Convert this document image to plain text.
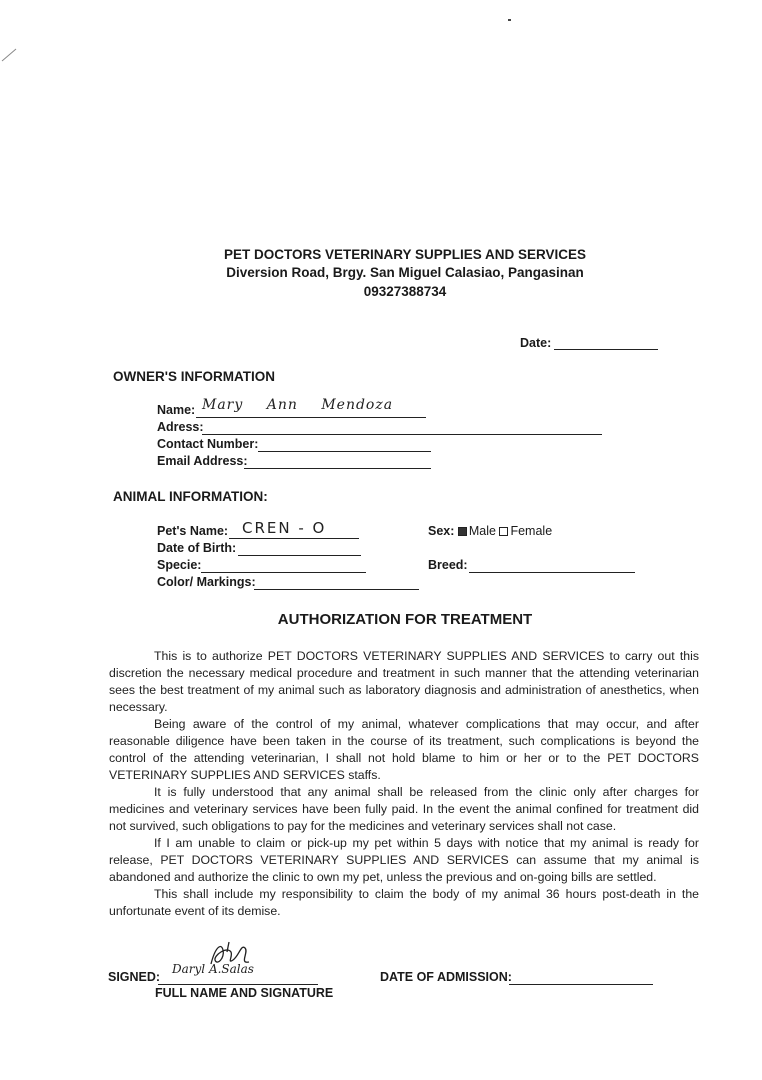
PET DOCTORS VETERINARY SUPPLIES AND SERVICES
Diversion Road, Brgy. San Miguel Calasiao, Pangasinan
09327388734
Date:
OWNER'S INFORMATION
Name: Mary Ann Mendoza
Adress:
Contact Number:
Email Address:
ANIMAL INFORMATION:
Pet's Name: CREN - O	Sex: Male Female
Date of Birth:
Specie:	Breed:
Color/ Markings:
AUTHORIZATION FOR TREATMENT

This is to authorize PET DOCTORS VETERINARY SUPPLIES AND SERVICES to carry out this discretion the necessary medical procedure and treatment in such manner that the attending veterinarian sees the best treatment of my animal such as laboratory diagnosis and administration of anesthetics, when necessary.

Being aware of the control of my animal, whatever complications that may occur, and after reasonable diligence have been taken in the course of its treatment, such complications is beyond the control of the attending veterinarian, I shall not hold blame to him or her or to the PET DOCTORS VETERINARY SUPPLIES AND SERVICES staffs.

It is fully understood that any animal shall be released from the clinic only after charges for medicines and veterinary services have been fully paid. In the event the animal confined for treatment did not survived, such obligations to pay for the medicines and veterinary services shall not case.

If I am unable to claim or pick-up my pet within 5 days with notice that my animal is ready for release, PET DOCTORS VETERINARY SUPPLIES AND SERVICES can assume that my animal is abandoned and authorize the clinic to own my pet, unless the previous and on-going bills are settled.

This shall include my responsibility to claim the body of my animal 36 hours post-death in the unfortunate event of its demise.

SIGNED:
Daryl A.Salas
FULL NAME AND SIGNATURE
DATE OF ADMISSION:
